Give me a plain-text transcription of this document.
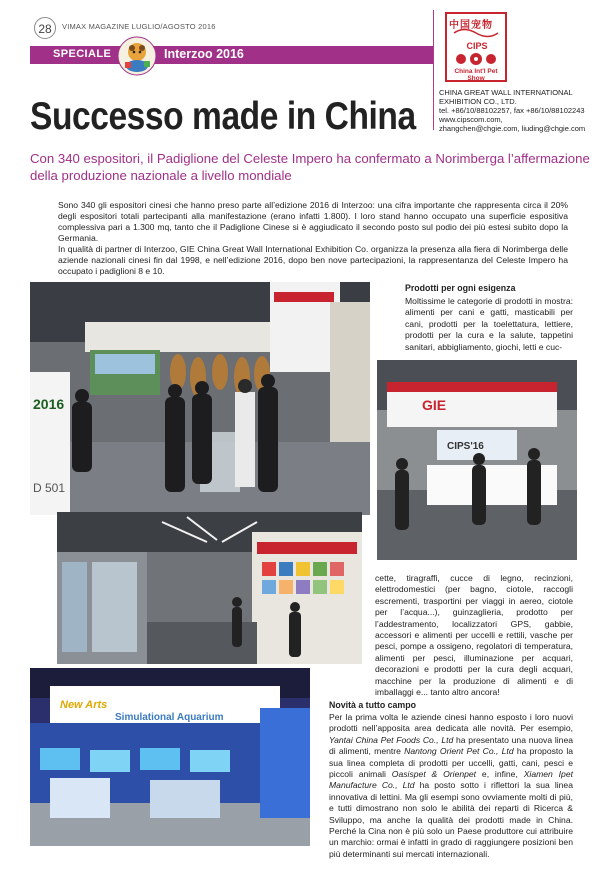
28	VIMAX MAGAZINE LUGLIO/AGOSTO 2016
SPECIALE	Interzoo 2016
中国宠物
CIPS
China Int'l Pet Show
CHINA GREAT WALL INTERNATIONAL
EXHIBITION CO., LTD.
tel. +86/10/88102257, fax +86/10/88102243
www.cipscom.com,
zhangchen@chgie.com, liuding@chgie.com
Successo made in China
Con 340 espositori, il Padiglione del Celeste Impero ha confermato a Norimberga l’affermazione della produzione nazionale a livello mondiale

Sono 340 gli espositori cinesi che hanno preso parte all’edizione 2016 di Interzoo: una cifra importante che rappresenta circa il 20% degli espositori totali partecipanti alla manifestazione (erano infatti 1.800). I loro stand hanno occupato una superficie espositiva complessiva pari a 1.300 mq, tanto che il Padiglione Cinese si è aggiudicato il secondo posto sul podio dei più estesi subito dopo la Germania.

In qualità di partner di Interzoo, GIE China Great Wall International Exhibition Co. organizza la presenza alla fiera di Norimberga delle aziende nazionali cinesi fin dal 1998, e nell’edizione 2016, dopo ben nove partecipazioni, la rappresentanza del Celeste Impero ha occupato i padiglioni 8 e 10.

2016
D 501
GIE
CIPS'16
New Arts
Simulational Aquarium
Prodotti per ogni esigenza
Moltissime le categorie di prodotti in mostra: alimenti per cani e gatti, masticabili per cani, prodotti per la toelettatura, lettiere, prodotti per la cura e la salute, tappetini sanitari, abbigliamento, giochi, letti e cuc-
cette, tiragraffi, cucce di legno, recinzioni, elettrodomestici (per bagno, ciotole, raccogli escrementi, trasportini per viaggi in aereo, ciotole per l’acqua...), guinzaglieria, prodotto per l’addestramento, localizzatori GPS, gabbie, accessori e alimenti per uccelli e rettili, vasche per pesci, pompe a ossigeno, regolatori di temperatura, alimenti per pesci, illuminazione per acquari, decorazioni e prodotti per la cura degli acquari, macchine per la produzione di alimenti e di imballaggi e... tanto altro ancora!
Novità a tutto campo
Per la prima volta le aziende cinesi hanno esposto i loro nuovi prodotti nell’apposita area dedicata alle novità. Per esempio, Yantai China Pet Foods Co., Ltd ha presentato una nuova linea di alimenti, mentre Nantong Orient Pet Co., Ltd ha proposto la sua linea completa di prodotti per uccelli, gatti, cani, pesci e piccoli animali Oasispet & Orienpet e, infine, Xiamen Ipet Manufacture Co., Ltd ha posto sotto i riflettori la sua linea innovativa di lettini. Ma gli esempi sono ovviamente molti di più, e tutti dimostrano non solo le abilità dei reparti di Ricerca & Sviluppo, ma anche la qualità dei prodotti made in China. Perché la Cina non è più solo un Paese produttore cui attribuire un marchio: ormai è infatti in grado di raggiungere posizioni ben più determinanti sui mercati internazionali.
